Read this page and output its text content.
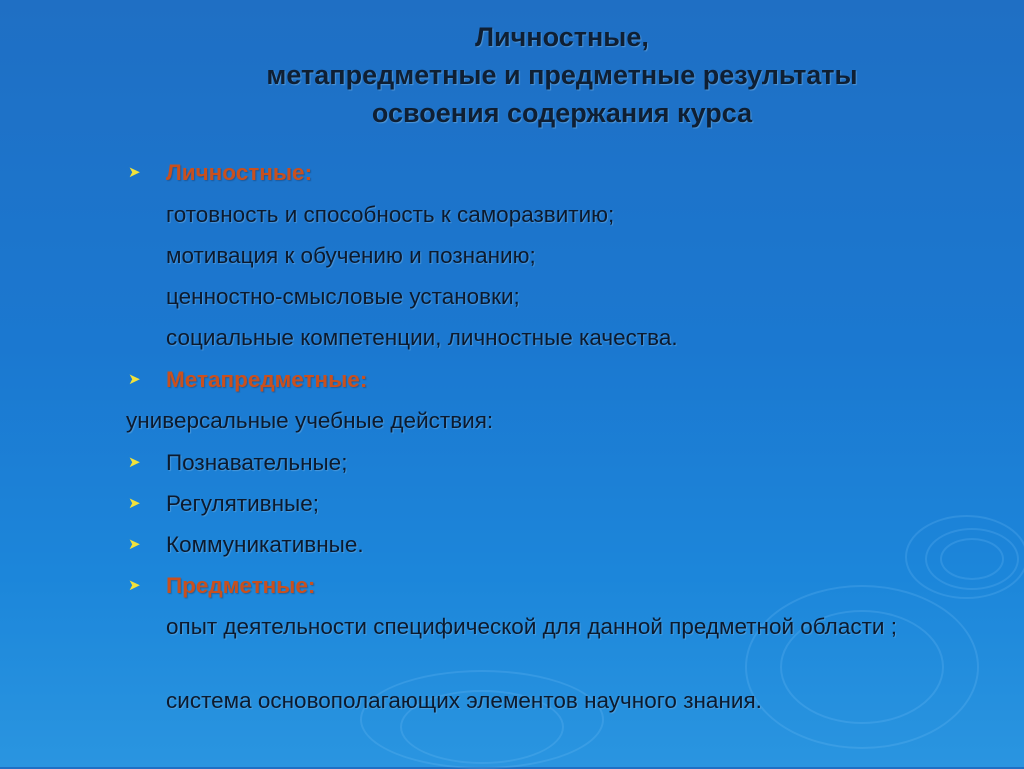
Личностные,
метапредметные и предметные результаты
освоения содержания курса
➤ Личностные:

готовность и способность к саморазвитию;

мотивация к обучению и познанию;

ценностно-смысловые установки;

социальные компетенции, личностные качества.

➤ Метапредметные:

универсальные учебные действия:

➤ Познавательные;

➤ Регулятивные;

➤ Коммуникативные.

➤ Предметные:

опыт деятельности специфической для данной предметной области ;

система основополагающих элементов научного знания.
